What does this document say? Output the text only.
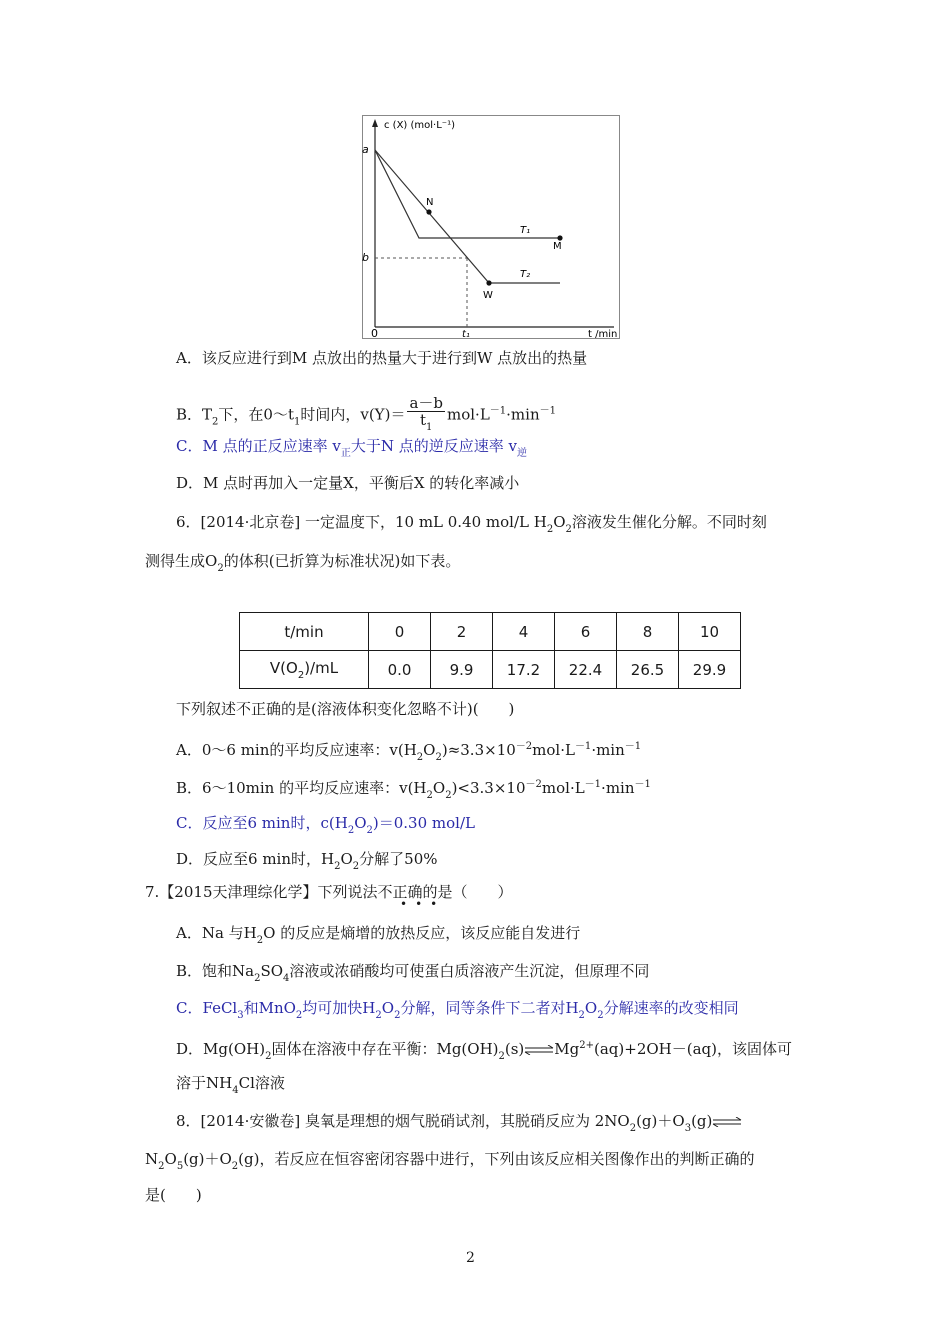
c (X) (mol·L⁻¹)
t /min
0
a
b
t₁
N
W
M
T₁
T₂
A．该反应进行到M 点放出的热量大于进行到W 点放出的热量
B．$T_2$下，在$0\sim t_1$时间内，$v(Y)= \frac{a-b}{t_1} mol\cdot L^{-1}\cdot\min^{-1}$
C．M 点的正反应速率 $v_正$大于N 点的逆反应速率 $v_逆$
D．M 点时再加入一定量X，平衡后X 的转化率减小
6．[2014·北京卷] 一定温度下，10 mL 0.40 mol/L $H_2O_2$溶液发生催化分解。不同时刻
测得生成$O_2$的体积(已折算为标准状况)如下表。
t/min	0	2	4	6	8	10
$V(O_2)/mL$	0.0	9.9	17.2	22.4	26.5	29.9
下列叙述不正确的是(溶液体积变化忽略不计)(　　)
A．0～6 min的平均反应速率：$v(H_2O_2)\approx 3.3\times 10^{-2}mol\cdot L^{-1}\cdot\min^{-1}$
B．6～10min 的平均反应速率：$v(H_2O_2)<3.3\times 10^{-2}mol\cdot L^{-1}\cdot\min^{-1}$
C．反应至6 min时，$c(H_2O_2)=0.30$ mol/L
D．反应至6 min时，$H_2O_2$分解了50%
7.【2015天津理综化学】下列说法不正确的是（　　）
•••
A．Na 与$H_2O$ 的反应是熵增的放热反应，该反应能自发进行
B．饱和$Na_2SO_4$溶液或浓硝酸均可使蛋白质溶液产生沉淀，但原理不同
C．FeCl$_3$和MnO$_2$均可加快$H_2O_2$分解，同等条件下二者对$H_2O_2$分解速率的改变相同
D．$Mg(OH)_2$固体在溶液中存在平衡：$Mg(OH)_2(s)\rightleftharpoons Mg^{2+}(aq)+2OH-(aq)$，该固体可
溶于$NH_4Cl$溶液
8．[2014·安徽卷] 臭氧是理想的烟气脱硝试剂，其脱硝反应为 $2NO_2(g)+O_3(g)\rightleftharpoons$
$N_2O_5(g)+O_2(g)$，若反应在恒容密闭容器中进行，下列由该反应相关图像作出的判断正确的
是(　　)
2
